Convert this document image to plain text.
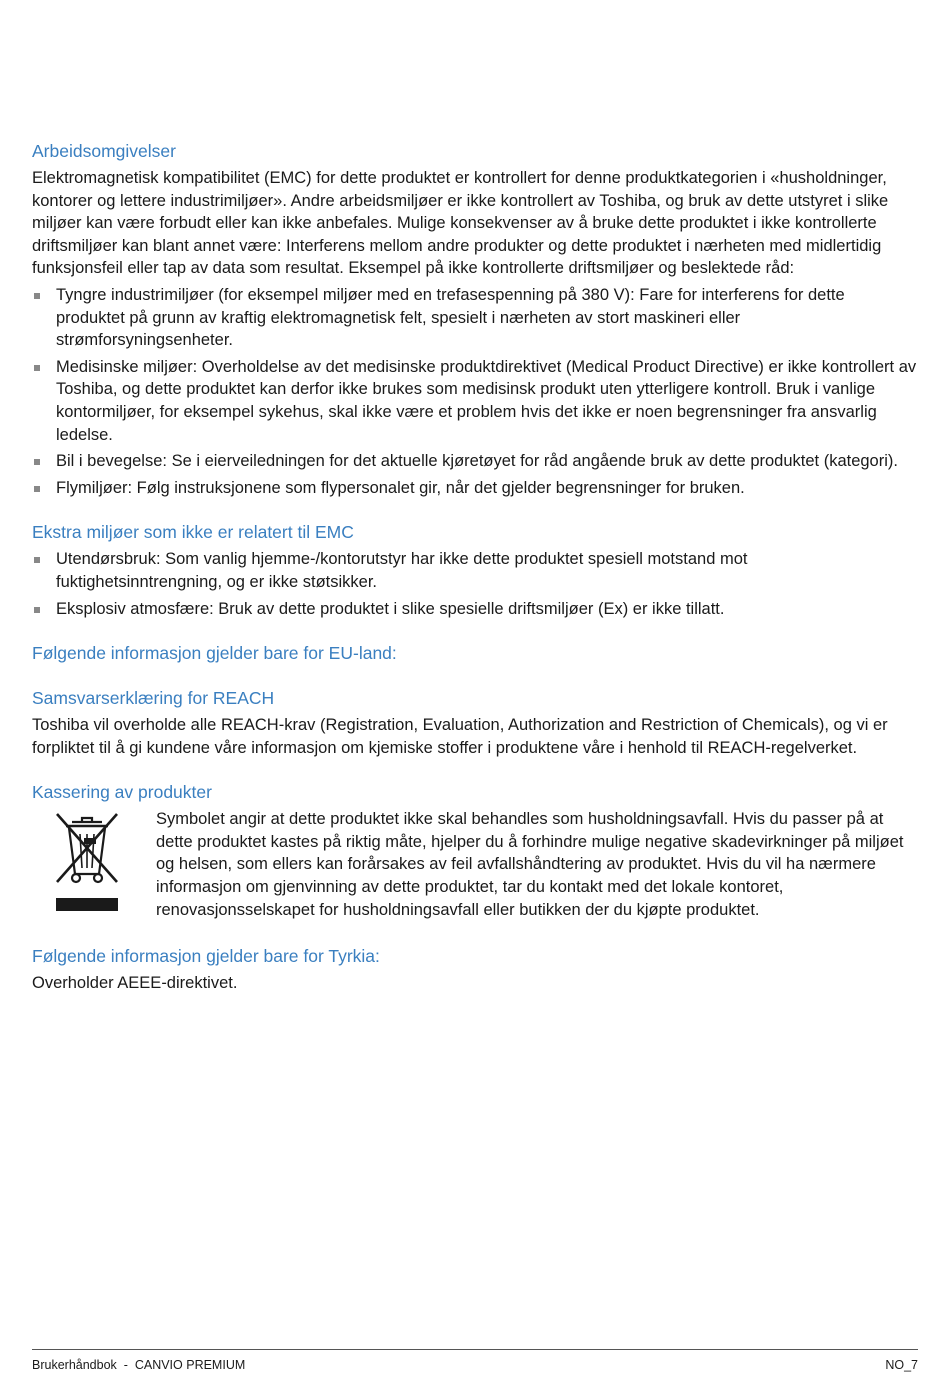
Arbeidsomgivelser

Elektromagnetisk kompatibilitet (EMC) for dette produktet er kontrollert for denne produktkategorien i «husholdninger, kontorer og lettere industrimiljøer». Andre arbeidsmiljøer er ikke kontrollert av Toshiba, og bruk av dette utstyret i slike miljøer kan være forbudt eller kan ikke anbefales. Mulige konsekvenser av å bruke dette produktet i ikke kontrollerte driftsmiljøer kan blant annet være: Interferens mellom andre produkter og dette produktet i nærheten med midlertidig funksjonsfeil eller tap av data som resultat. Eksempel på ikke kontrollerte driftsmiljøer og beslektede råd:

Tyngre industrimiljøer (for eksempel miljøer med en trefasespenning på 380 V): Fare for interferens for dette produktet på grunn av kraftig elektromagnetisk felt, spesielt i nærheten av stort maskineri eller strømforsyningsenheter.
Medisinske miljøer: Overholdelse av det medisinske produktdirektivet (Medical Product Directive) er ikke kontrollert av Toshiba, og dette produktet kan derfor ikke brukes som medisinsk produkt uten ytterligere kontroll. Bruk i vanlige kontormiljøer, for eksempel sykehus, skal ikke være et problem hvis det ikke er noen begrensninger fra ansvarlig ledelse.
Bil i bevegelse: Se i eierveiledningen for det aktuelle kjøretøyet for råd angående bruk av dette produktet (kategori).
Flymiljøer: Følg instruksjonene som flypersonalet gir, når det gjelder begrensninger for bruken.
Ekstra miljøer som ikke er relatert til EMC
Utendørsbruk: Som vanlig hjemme-/kontorutstyr har ikke dette produktet spesiell motstand mot fuktighetsinntrengning, og er ikke støtsikker.
Eksplosiv atmosfære: Bruk av dette produktet i slike spesielle driftsmiljøer (Ex) er ikke tillatt.
Følgende informasjon gjelder bare for EU-land:
Samsvarserklæring for REACH

Toshiba vil overholde alle REACH-krav (Registration, Evaluation, Authorization and Restriction of Chemicals), og vi er forpliktet til å gi kundene våre informasjon om kjemiske stoffer i produktene våre i henhold til REACH-regelverket.

Kassering av produkter

Symbolet angir at dette produktet ikke skal behandles som husholdningsavfall. Hvis du passer på at dette produktet kastes på riktig måte, hjelper du å forhindre mulige negative skadevirkninger på miljøet og helsen, som ellers kan forårsakes av feil avfallshåndtering av produktet. Hvis du vil ha nærmere informasjon om gjenvinning av dette produktet, tar du kontakt med det lokale kontoret, renovasjonsselskapet for husholdningsavfall eller butikken der du kjøpte produktet.

Følgende informasjon gjelder bare for Tyrkia:

Overholder AEEE-direktivet.

Brukerhåndbok  -  CANVIO PREMIUM	NO_7
